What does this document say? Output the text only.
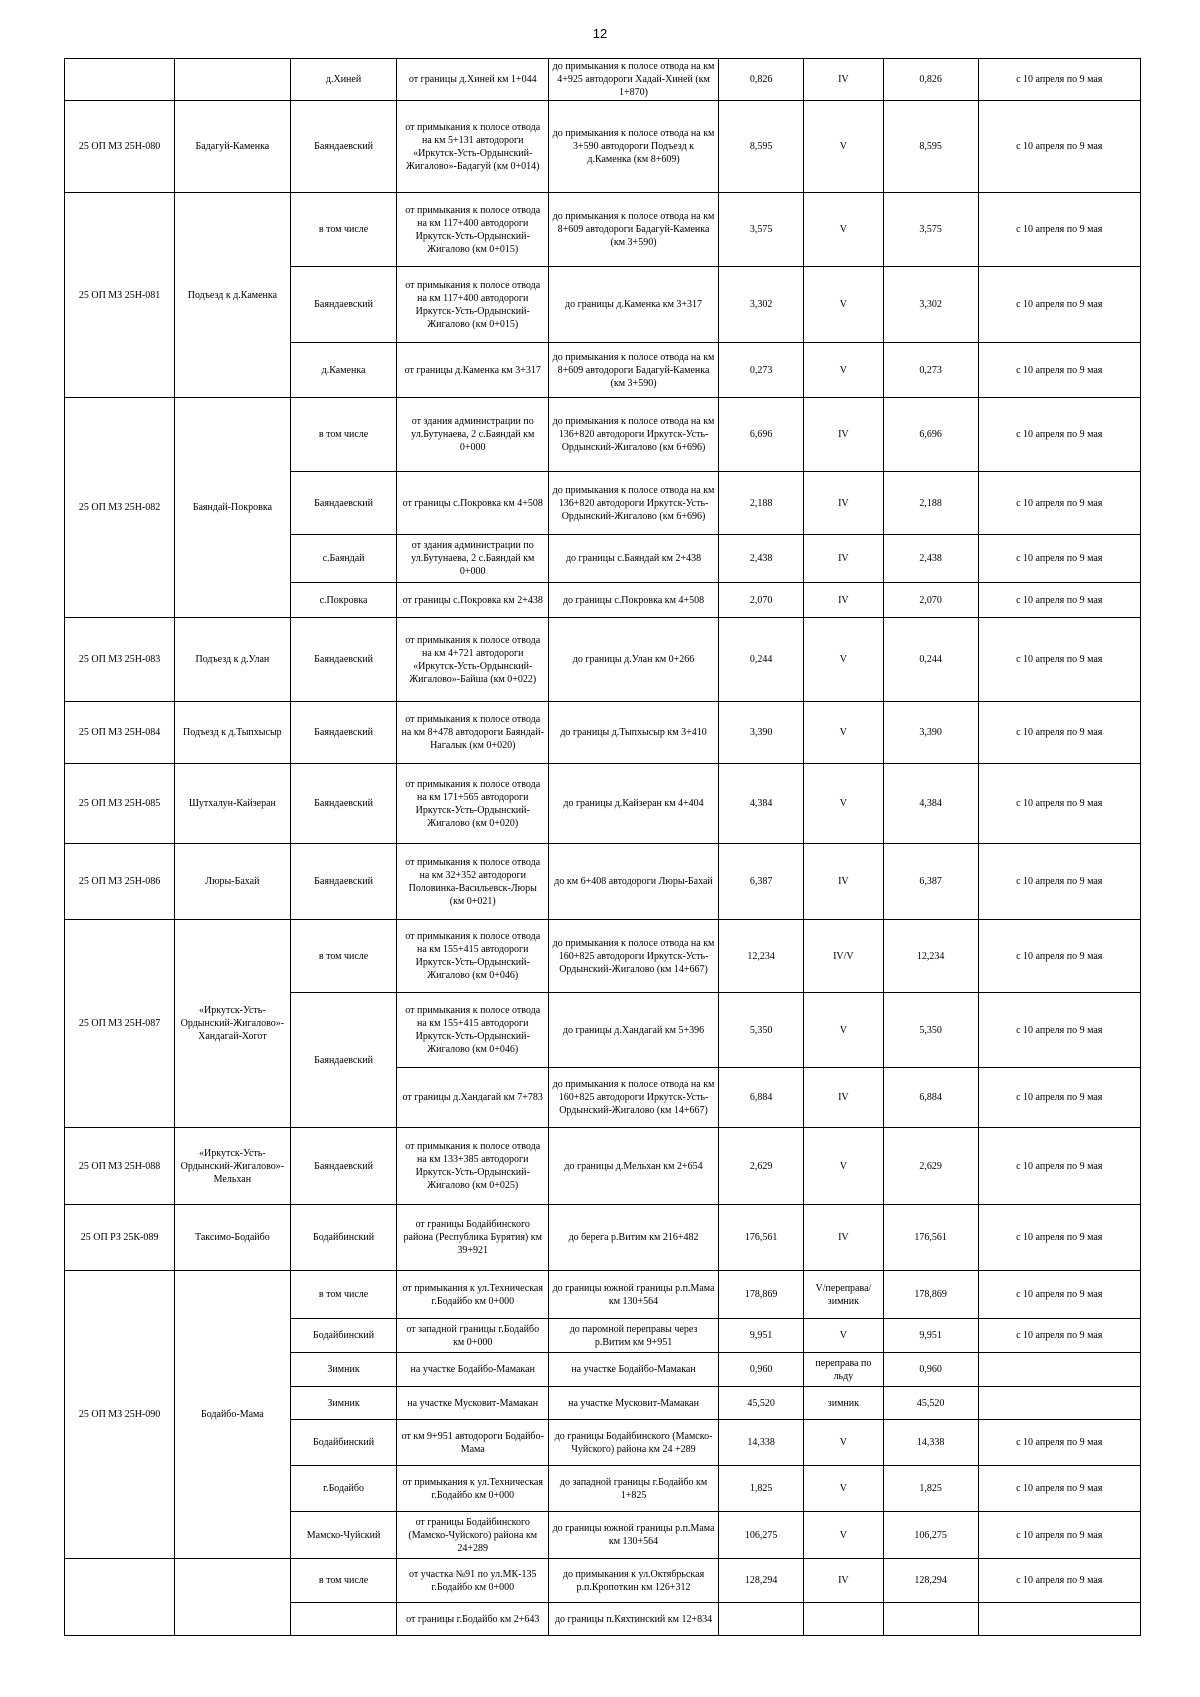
12
		д.Хиней	от границы д.Хиней км 1+044	до примыкания к полосе отвода на км 4+925 автодороги Хадай-Хиней (км 1+870)	0,826	IV	0,826	с 10 апреля по 9 мая
25 ОП МЗ 25Н-080	Бадагуй-Каменка	Баяндаевский	от примыкания к полосе отвода на км 5+131 автодороги «Иркутск-Усть-Ордынский-Жигалово»-Бадагуй (км 0+014)	до примыкания к полосе отвода на км 3+590 автодороги Подъезд к д.Каменка (км 8+609)	8,595	V	8,595	с 10 апреля по 9 мая
25 ОП МЗ 25Н-081	Подъезд к д.Каменка	в том числе	от примыкания к полосе отвода на км 117+400 автодороги Иркутск-Усть-Ордынский-Жигалово (км 0+015)	до примыкания к полосе отвода на км 8+609 автодороги Бадагуй-Каменка (км 3+590)	3,575	V	3,575	с 10 апреля по 9 мая
		Баяндаевский	от примыкания к полосе отвода на км 117+400 автодороги Иркутск-Усть-Ордынский-Жигалово (км 0+015)	до границы д.Каменка км 3+317	3,302	V	3,302	с 10 апреля по 9 мая
		д.Каменка	от границы д.Каменка км 3+317	до примыкания к полосе отвода на км 8+609 автодороги Бадагуй-Каменка (км 3+590)	0,273	V	0,273	с 10 апреля по 9 мая
25 ОП МЗ 25Н-082	Баяндай-Покровка	в том числе	от здания администрации по ул.Бутунаева, 2 с.Баяндай км 0+000	до примыкания к полосе отвода на км 136+820 автодороги Иркутск-Усть-Ордынский-Жигалово (км 6+696)	6,696	IV	6,696	с 10 апреля по 9 мая
		Баяндаевский	от границы с.Покровка км 4+508	до примыкания к полосе отвода на км 136+820 автодороги Иркутск-Усть-Ордынский-Жигалово (км 6+696)	2,188	IV	2,188	с 10 апреля по 9 мая
		с.Баяндай	от здания администрации по ул.Бутунаева, 2 с.Баяндай км 0+000	до границы с.Баяндай км 2+438	2,438	IV	2,438	с 10 апреля по 9 мая
		с.Покровка	от границы с.Покровка км 2+438	до границы с.Покровка км 4+508	2,070	IV	2,070	с 10 апреля по 9 мая
25 ОП МЗ 25Н-083	Подъезд к д.Улан	Баяндаевский	от примыкания к полосе отвода на км 4+721 автодороги «Иркутск-Усть-Ордынский-Жигалово»-Байша (км 0+022)	до границы д.Улан км 0+266	0,244	V	0,244	с 10 апреля по 9 мая
25 ОП МЗ 25Н-084	Подъезд к д.Тыпхысыр	Баяндаевский	от примыкания к полосе отвода на км 8+478 автодороги Баяндай-Нагалык (км 0+020)	до границы д.Тыпхысыр км 3+410	3,390	V	3,390	с 10 апреля по 9 мая
25 ОП МЗ 25Н-085	Шутхалун-Кайзеран	Баяндаевский	от примыкания к полосе отвода на км 171+565 автодороги Иркутск-Усть-Ордынский-Жигалово (км 0+020)	до границы д.Кайзеран км 4+404	4,384	V	4,384	с 10 апреля по 9 мая
25 ОП МЗ 25Н-086	Люры-Бахай	Баяндаевский	от примыкания к полосе отвода на км 32+352 автодороги Половинка-Васильевск-Люры (км 0+021)	до км 6+408 автодороги Люры-Бахай	6,387	IV	6,387	с 10 апреля по 9 мая
25 ОП МЗ 25Н-087	«Иркутск-Усть-Ордынский-Жигалово»-Хандагай-Хогот	в том числе	от примыкания к полосе отвода на км 155+415 автодороги Иркутск-Усть-Ордынский-Жигалово (км 0+046)	до примыкания к полосе отвода на км 160+825 автодороги Иркутск-Усть-Ордынский-Жигалово (км 14+667)	12,234	IV/V	12,234	с 10 апреля по 9 мая
		Баяндаевский	от примыкания к полосе отвода на км 155+415 автодороги Иркутск-Усть-Ордынский-Жигалово (км 0+046)	до границы д.Хандагай км 5+396	5,350	V	5,350	с 10 апреля по 9 мая
			от границы д.Хандагай км 7+783	до примыкания к полосе отвода на км 160+825 автодороги Иркутск-Усть-Ордынский-Жигалово (км 14+667)	6,884	IV	6,884	с 10 апреля по 9 мая
25 ОП МЗ 25Н-088	«Иркутск-Усть-Ордынский-Жигалово»-Мельхан	Баяндаевский	от примыкания к полосе отвода на км 133+385 автодороги Иркутск-Усть-Ордынский-Жигалово (км 0+025)	до границы д.Мельхан км 2+654	2,629	V	2,629	с 10 апреля по 9 мая
25 ОП РЗ 25К-089	Таксимо-Бодайбо	Бодайбинский	от границы Бодайбинского района (Республика Бурятия) км 39+921	до берега р.Витим км 216+482	176,561	IV	176,561	с 10 апреля по 9 мая
25 ОП МЗ 25Н-090	Бодайбо-Мама	в том числе	от примыкания к ул.Техническая г.Бодайбо км 0+000	до границы южной границы р.п.Мама км 130+564	178,869	V/переправа/зимник	178,869	с 10 апреля по 9 мая
		Бодайбинский	от западной границы г.Бодайбо км 0+000	до паромной переправы через р.Витим км 9+951	9,951	V	9,951	с 10 апреля по 9 мая
		Зимник	на участке Бодайбо-Мамакан	на участке Бодайбо-Мамакан	0,960	переправа по льду	0,960	
		Зимник	на участке Мусковит-Мамакан	на участке Мусковит-Мамакан	45,520	зимник	45,520	
		Бодайбинский	от км 9+951 автодороги Бодайбо-Мама	до границы Бодайбинского (Мамско-Чуйского) района км 24 +289	14,338	V	14,338	с 10 апреля по 9 мая
		г.Бодайбо	от примыкания к ул.Техническая г.Бодайбо км 0+000	до западной границы г.Бодайбо км 1+825	1,825	V	1,825	с 10 апреля по 9 мая
		Мамско-Чуйский	от границы Бодайбинского (Мамско-Чуйского) района км 24+289	до границы южной границы р.п.Мама км 130+564	106,275	V	106,275	с 10 апреля по 9 мая
		в том числе	от участка №91 по ул.МК-135 г.Бодайбо км 0+000	до примыкания к ул.Октябрьская р.п.Кропоткин км 126+312	128,294	IV	128,294	с 10 апреля по 9 мая
			от границы г.Бодайбо км 2+643	до границы п.Кяхтинский км 12+834				
